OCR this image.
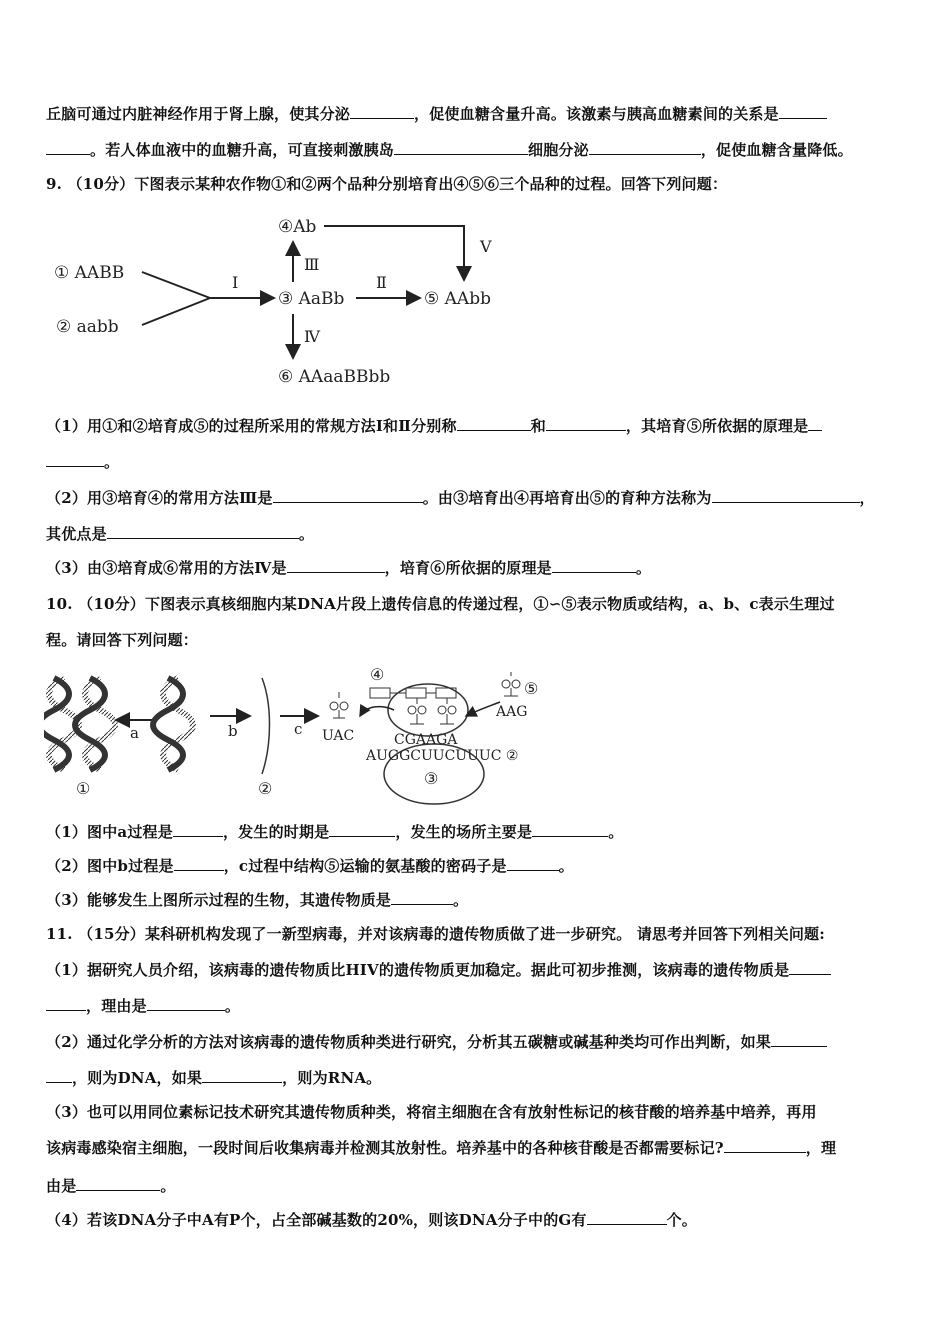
丘脑可通过内脏神经作用于肾上腺，使其分泌	，促使血糖含量升高。该激素与胰高血糖素间的关系是
。若人体血液中的血糖升高，可直接刺激胰岛	细胞分泌	，促使血糖含量降低。
9. （10分）下图表示某种农作物①和②两个品种分别培育出④⑤⑥三个品种的过程。回答下列问题：
① AABB
② aabb
Ⅰ
③ AaBb
Ⅱ
⑤ AAbb
Ⅲ
④Ab
Ⅴ
Ⅳ
⑥ AAaaBBbb
（1）用①和②培育成⑤的过程所采用的常规方法Ⅰ和Ⅱ分别称	和	，其培育⑤所依据的原理是
。
（2）用③培育④的常用方法Ⅲ是	。由③培育出④再培育出⑤的育种方法称为	，
其优点是	。
（3）由③培育成⑥常用的方法Ⅳ是	，培育⑥所依据的原理是	。
10. （10分）下图表示真核细胞内某DNA片段上遗传信息的传递过程，①∽⑤表示物质或结构，a、b、c表示生理过
程。请回答下列问题：
①
a	b
②
c UAC
③
④
CGAAGA
AUGGCUUCUUUC ②
⑤
AAG
（1）图中a过程是	，发生的时期是	，发生的场所主要是	。
（2）图中b过程是	，c过程中结构⑤运输的氨基酸的密码子是	。
（3）能够发生上图所示过程的生物，其遗传物质是	。
11. （15分）某科研机构发现了一新型病毒，并对该病毒的遗传物质做了进一步研究。 请思考并回答下列相关问题:
（1）据研究人员介绍，该病毒的遗传物质比HIV的遗传物质更加稳定。据此可初步推测，该病毒的遗传物质是
，理由是	。
（2）通过化学分析的方法对该病毒的遗传物质种类进行研究，分析其五碳糖或碱基种类均可作出判断，如果
，则为DNA，如果	，则为RNA。
（3）也可以用同位素标记技术研究其遗传物质种类，将宿主细胞在含有放射性标记的核苷酸的培养基中培养，再用
该病毒感染宿主细胞，一段时间后收集病毒并检测其放射性。培养基中的各种核苷酸是否都需要标记?	，理
由是	。
（4）若该DNA分子中A有P个，占全部碱基数的20%，则该DNA分子中的G有	个。
